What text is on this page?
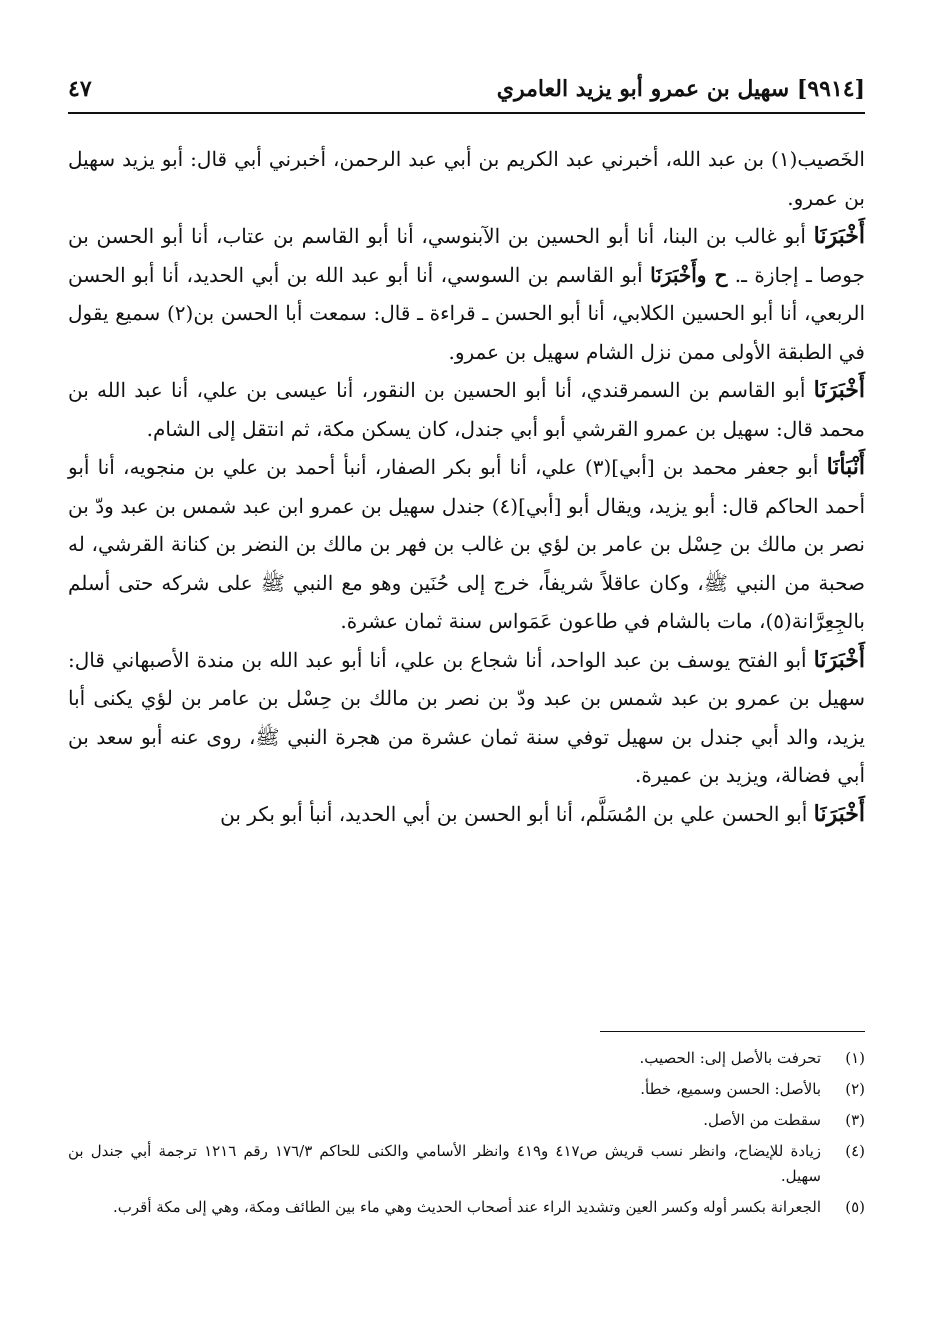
[٩٩١٤] سهيل بن عمرو أبو يزيد العامري
٤٧

الخَصيب(١) بن عبد الله، أخبرني عبد الكريم بن أبي عبد الرحمن، أخبرني أبي قال: أبو يزيد سهيل بن عمرو.

أَخْبَرَنَا أبو غالب بن البنا، أنا أبو الحسين بن الآبنوسي، أنا أبو القاسم بن عتاب، أنا أبو الحسن بن جوصا ـ إجازة ـ. ح وأَخْبَرَنَا أبو القاسم بن السوسي، أنا أبو عبد الله بن أبي الحديد، أنا أبو الحسن الربعي، أنا أبو الحسين الكلابي، أنا أبو الحسن ـ قراءة ـ قال: سمعت أبا الحسن بن(٢) سميع يقول في الطبقة الأولى ممن نزل الشام سهيل بن عمرو.

أَخْبَرَنَا أبو القاسم بن السمرقندي، أنا أبو الحسين بن النقور، أنا عيسى بن علي، أنا عبد الله بن محمد قال: سهيل بن عمرو القرشي أبو أبي جندل، كان يسكن مكة، ثم انتقل إلى الشام.

أَنْبَأنَا أبو جعفر محمد بن [أبي](٣) علي، أنا أبو بكر الصفار، أنبأ أحمد بن علي بن منجويه، أنا أبو أحمد الحاكم قال: أبو يزيد، ويقال أبو [أبي](٤) جندل سهيل بن عمرو ابن عبد شمس بن عبد ودّ بن نصر بن مالك بن حِسْل بن عامر بن لؤي بن غالب بن فهر بن مالك بن النضر بن كنانة القرشي، له صحبة من النبي ﷺ، وكان عاقلاً شريفاً، خرج إلى حُنَين وهو مع النبي ﷺ على شركه حتى أسلم بالجِعِرَّانة(٥)، مات بالشام في طاعون عَمَواس سنة ثمان عشرة.

أَخْبَرَنَا أبو الفتح يوسف بن عبد الواحد، أنا شجاع بن علي، أنا أبو عبد الله بن مندة الأصبهاني قال: سهيل بن عمرو بن عبد شمس بن عبد ودّ بن نصر بن مالك بن حِسْل بن عامر بن لؤي يكنى أبا يزيد، والد أبي جندل بن سهيل توفي سنة ثمان عشرة من هجرة النبي ﷺ، روى عنه أبو سعد بن أبي فضالة، ويزيد بن عميرة.

أَخْبَرَنَا أبو الحسن علي بن المُسَلَّم، أنا أبو الحسن بن أبي الحديد، أنبأ أبو بكر بن

(١)
تحرفت بالأصل إلى: الحصيب.
(٢)
بالأصل: الحسن وسميع، خطأ.
(٣)
سقطت من الأصل.
(٤)
زيادة للإيضاح، وانظر نسب قريش ص٤١٧ و٤١٩ وانظر الأسامي والكنى للحاكم ١٧٦/٣ رقم ١٢١٦ ترجمة أبي جندل بن سهيل.
(٥)
الجعرانة بكسر أوله وكسر العين وتشديد الراء عند أصحاب الحديث وهي ماء بين الطائف ومكة، وهي إلى مكة أقرب.
